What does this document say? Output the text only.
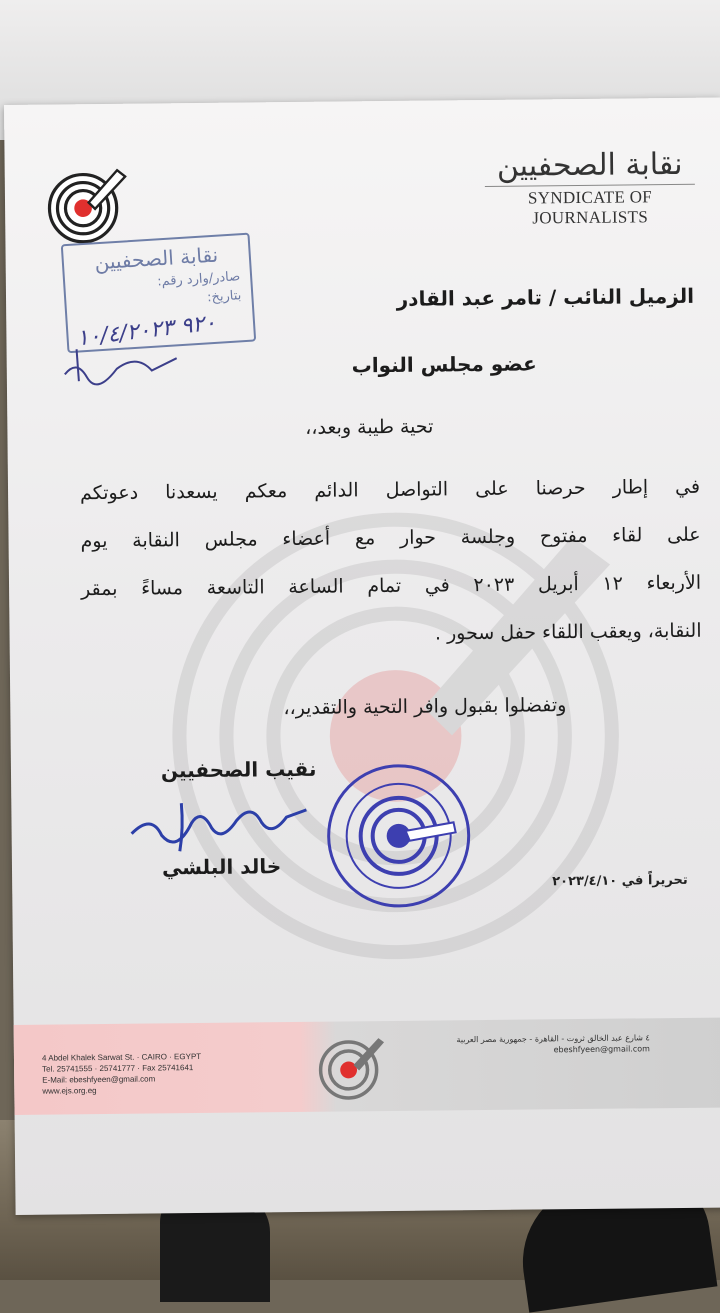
نقابة الصحفيين
SYNDICATE OF JOURNALISTS
نقابة الصحفيين
صادر/وارد رقم:
بتاريخ:
٩٢٠ ١٠/٤/٢٠٢٣
الزميل النائب / تامر عبد القادر
عضو مجلس النواب
تحية طيبة وبعد،،
في إطار حرصنا على التواصل الدائم معكم يسعدنا دعوتكم
على لقاء مفتوح وجلسة حوار مع أعضاء مجلس النقابة يوم
الأربعاء ١٢ أبريل ٢٠٢٣ في تمام الساعة التاسعة مساءً بمقر
النقابة، ويعقب اللقاء حفل سحور .
وتفضلوا بقبول وافر التحية والتقدير،،
نقيب الصحفيين
خالد البلشي
تحريراً في ٢٠٢٣/٤/١٠
4 Abdel Khalek Sarwat St. · CAIRO · EGYPT
Tel. 25741555 · 25741777 · Fax 25741641
E-Mail: ebeshfyeen@gmail.com
www.ejs.org.eg
٤ شارع عبد الخالق ثروت - القاهرة - جمهورية مصر العربية
ebeshfyeen@gmail.com
